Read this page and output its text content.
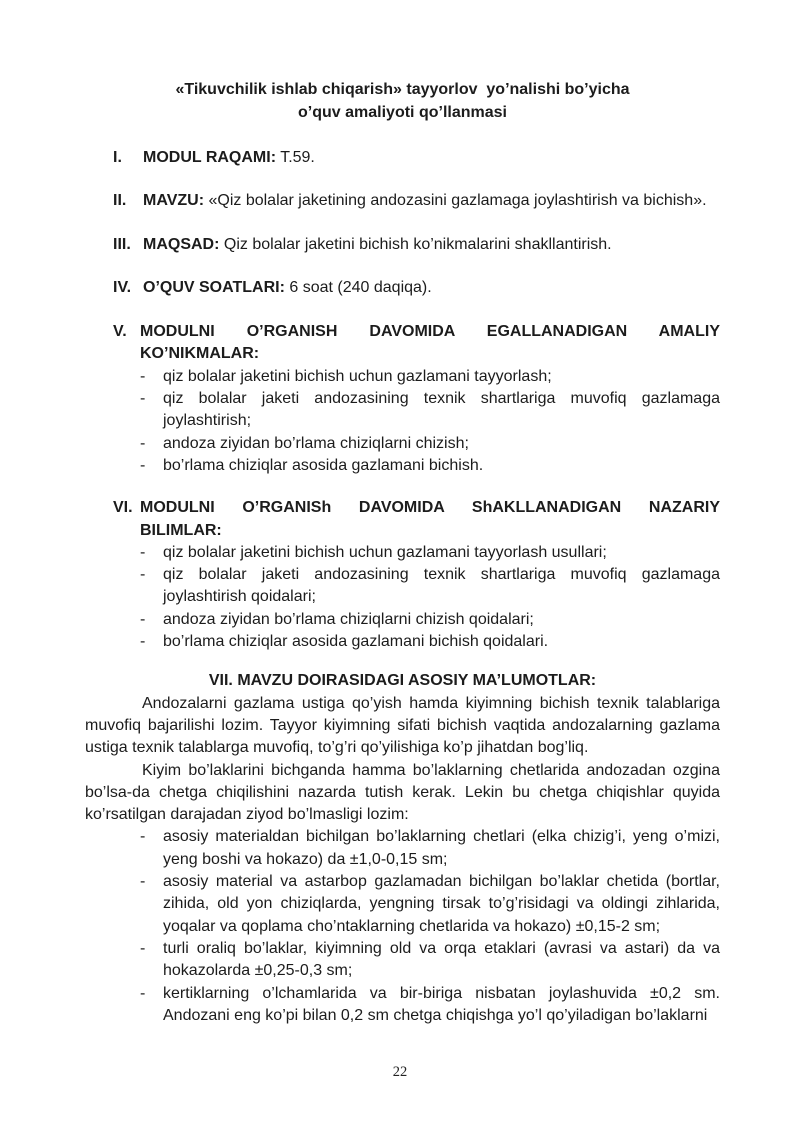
«Tikuvchilik ishlab chiqarish» tayyorlov  yo’nalishi bo’yicha
o’quv amaliyoti qo’llanmasi
I.	MODUL RAQAMI: T.59.
II.	MAVZU: «Qiz bolalar jaketining andozasini gazlamaga joylashtirish va bichish».
III. MAQSAD: Qiz bolalar jaketini bichish ko’nikmalarini shakllantirish.
IV. O’QUV SOATLARI: 6 soat (240 daqiqa).
V. MODULNI O’RGANISH DAVOMIDA EGALLANADIGAN AMALIY
KO’NIKMALAR:
-	qiz bolalar jaketini bichish uchun gazlamani tayyorlash;
-	qiz bolalar jaketi andozasining texnik shartlariga muvofiq gazlamaga joylashtirish;
-	andoza ziyidan bo’rlama chiziqlarni chizish;
-	bo’rlama chiziqlar asosida gazlamani bichish.
VI. MODULNI O’RGANISh DAVOMIDA ShAKLLANADIGAN NAZARIY
BILIMLAR:
-	qiz bolalar jaketini bichish uchun gazlamani tayyorlash usullari;
-	qiz bolalar jaketi andozasining texnik shartlariga muvofiq gazlamaga joylashtirish qoidalari;
-	andoza ziyidan bo’rlama chiziqlarni chizish qoidalari;
-	bo’rlama chiziqlar asosida gazlamani bichish qoidalari.
VII. MAVZU DOIRASIDAGI ASOSIY MA’LUMOTLAR:
Andozalarni gazlama ustiga qo’yish hamda kiyimning bichish texnik talablariga muvofiq bajarilishi lozim. Tayyor kiyimning sifati bichish vaqtida andozalarning gazlama ustiga texnik talablarga muvofiq, to’g’ri qo’yilishiga ko’p jihatdan bog’liq.
Kiyim bo’laklarini bichganda hamma bo’laklarning chetlarida andozadan ozgina bo’lsa-da chetga chiqilishini nazarda tutish kerak. Lekin bu chetga chiqishlar quyida ko’rsatilgan darajadan ziyod bo’lmasligi lozim:
-	asosiy materialdan bichilgan bo’laklarning chetlari (elka chizig’i, yeng o’mizi, yeng boshi va hokazo) da ±1,0-0,15 sm;
-	asosiy material va astarbop gazlamadan bichilgan bo’laklar chetida (bortlar, zihida, old yon chiziqlarda, yengning tirsak to’g’risidagi va oldingi zihlarida, yoqalar va qoplama cho’ntaklarning chetlarida va hokazo) ±0,15-2 sm;
-	turli oraliq bo’laklar, kiyimning old va orqa etaklari (avrasi va astari) da va hokazolarda ±0,25-0,3 sm;
-	kertiklarning o’lchamlarida va bir-biriga nisbatan joylashuvida ±0,2 sm. Andozani eng ko’pi bilan 0,2 sm chetga chiqishga yo’l qo’yiladigan bo’laklarni
22
